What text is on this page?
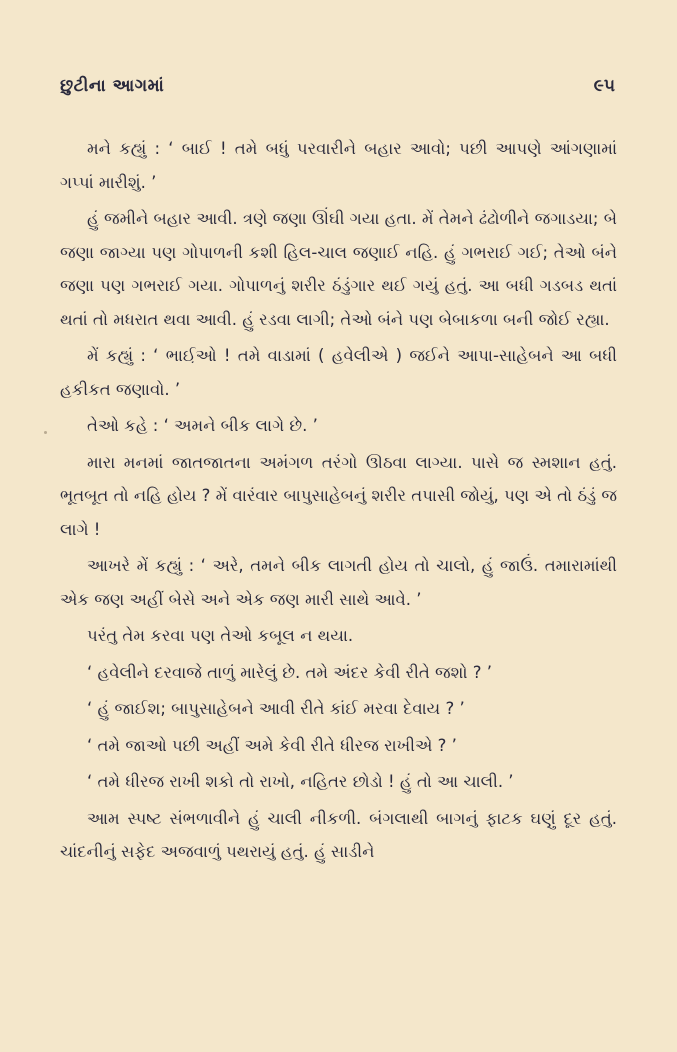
છુટીના આગમાં	૯૫

મને કહ્યું : ‘ બાઈ ! તમે બધું પરવારીને બહાર આવો; પછી આપણે આંગણામાં ગપ્પાં મારીશું. ’

હું જમીને બહાર આવી. ત્રણે જણા ઊંઘી ગયા હતા. મેં તેમને ઢંઢોળીને જગાડયા; બે જણા જાગ્યા પણ ગોપાળની કશી હિલ-ચાલ જણાઈ નહિ. હું ગભરાઈ ગઈ; તેઓ બંને જણા પણ ગભરાઈ ગયા. ગોપાળનું શરીર ઠંડુંગાર થઈ ગયું હતું. આ બધી ગડબડ થતાં થતાં તો મધરાત થવા આવી. હું રડવા લાગી; તેઓ બંને પણ બેબાકળા બની જોઈ રહ્યા.

મેં કહ્યું : ‘ ભાઈ઼ઓ ! તમે વાડામાં ( હવેલીએ ) જઈને આપા-સાહેબને આ બધી હકીકત જણાવો. ’

તેઓ કહે : ‘ અમને બીક લાગે છે. ’

મારા મનમાં જાતજાતના અમંગળ તરંગો ઊઠવા લાગ્યા. પાસે જ સ્મશાન હતું. ભૂતબૂત તો નહિ હોય ? મેં વારંવાર બાપુસાહેબનું શરીર તપાસી જોયું, પણ એ તો ઠંડું જ લાગે !

આખરે મેં કહ્યું : ‘ અરે, તમને બીક લાગતી હોય તો ચાલો, હું જાઉં. તમારામાંથી એક જણ અહીં બેસે અને એક જણ મારી સાથે આવે. ’

પરંતુ તેમ કરવા પણ તેઓ કબૂલ ન થયા.

‘ હવેલીને દરવાજે તાળું મારેલું છે. તમે અંદર કેવી રીતે જશો ? ’

‘ હું જાઈશ; બાપુસાહેબને આવી રીતે કાંઈ મરવા દેવાય ? ’

‘ તમે જાઓ પછી અહીં અમે કેવી રીતે ધીરજ રાખીએ ? ’

‘ તમે ધીરજ રાખી શકો તો રાખો, નહિતર છોડો ! હું તો આ ચાલી. ’

આમ સ્પષ્ટ સંભળાવીને હું ચાલી નીકળી. બંગલાથી બાગનું ફાટક ઘણું દૂર હતું. ચાંદનીનું સફેદ અજવાળું પથરાયું હતું. હું સાડીને
